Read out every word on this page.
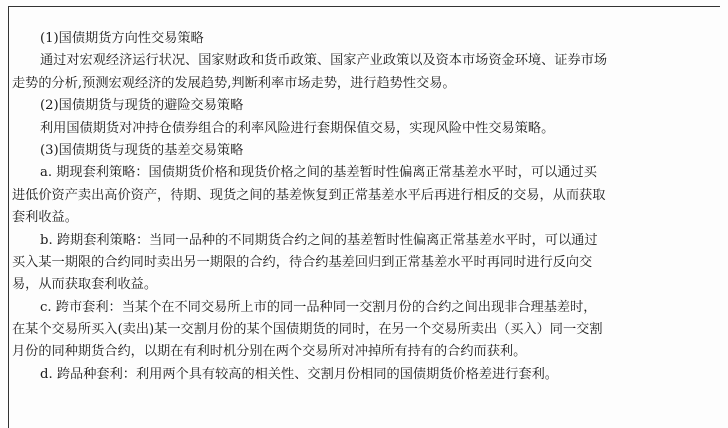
(1)国债期货方向性交易策略
通过对宏观经济运行状况、国家财政和货币政策、国家产业政策以及资本市场资金环境、证券市场
走势的分析,预测宏观经济的发展趋势,判断利率市场走势，进行趋势性交易。
(2)国债期货与现货的避险交易策略
利用国债期货对冲持仓债券组合的利率风险进行套期保值交易，实现风险中性交易策略。
(3)国债期货与现货的基差交易策略
a. 期现套利策略：国债期货价格和现货价格之间的基差暂时性偏离正常基差水平时，可以通过买
进低价资产卖出高价资产，待期、现货之间的基差恢复到正常基差水平后再进行相反的交易，从而获取
套利收益。
b. 跨期套利策略：当同一品种的不同期货合约之间的基差暂时性偏离正常基差水平时，可以通过
买入某一期限的合约同时卖出另一期限的合约，待合约基差回归到正常基差水平时再同时进行反向交
易，从而获取套利收益。
c. 跨市套利：当某个在不同交易所上市的同一品种同一交割月份的合约之间出现非合理基差时，
在某个交易所买入(卖出)某一交割月份的某个国债期货的同时，在另一个交易所卖出（买入）同一交割
月份的同种期货合约，以期在有利时机分别在两个交易所对冲掉所有持有的合约而获利。
d. 跨品种套利：利用两个具有较高的相关性、交割月份相同的国债期货价格差进行套利。
